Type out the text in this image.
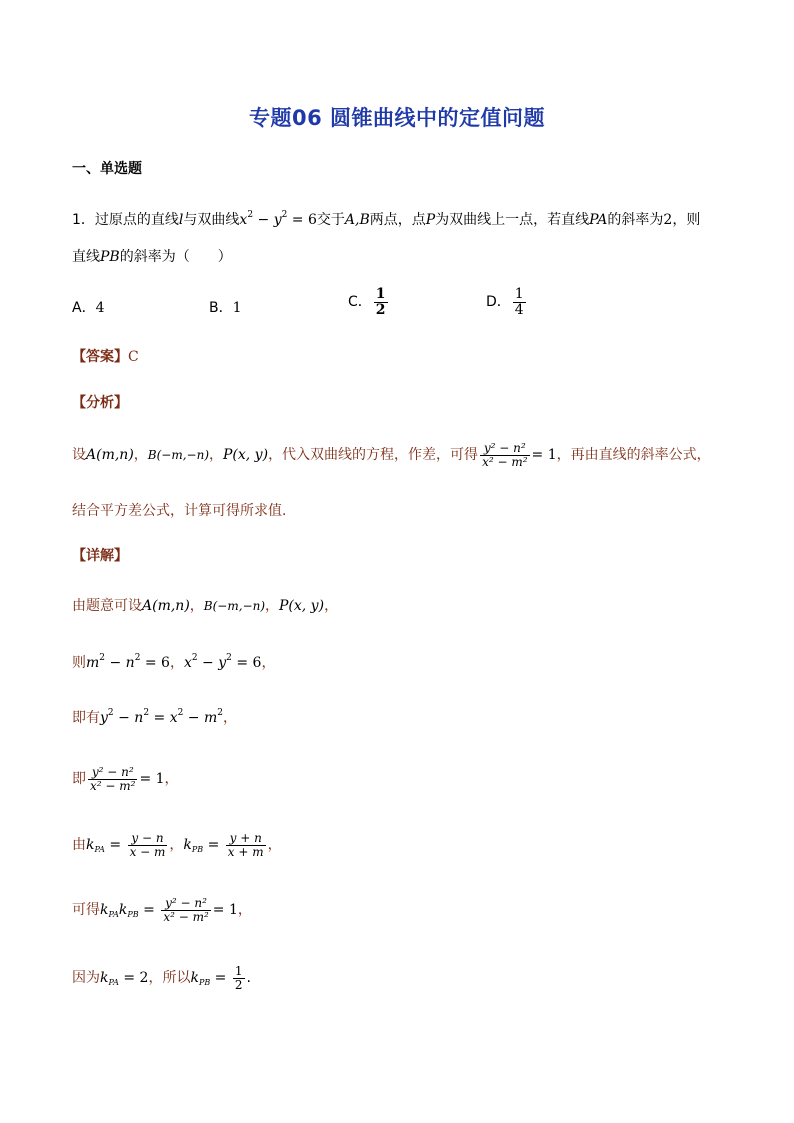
专题06 圆锥曲线中的定值问题
一、单选题
1．过原点的直线l与双曲线$x^2 - y^2 = 6$交于A,B两点，点P为双曲线上一点，若直线PA的斜率为2，则
直线PB的斜率为（　　）
A．4	B．1	C． $\frac{1}{2}$	D． $\frac{1}{4}$
【答案】C
【分析】
设A(m,n)，B(−m,−n)，P(x, y)，代入双曲线的方程，作差，可得 $\frac{\text{y² − n²}}{\text{x² − m²}} = 1$，再由直线的斜率公式，
结合平方差公式，计算可得所求值.
【详解】
由题意可设A(m,n)，B(−m,−n)，P(x, y)，
则$m^2 - n^2 = 6$，$x^2 - y^2 = 6$，
即有$y^2 - n^2 = x^2 - m^2$，
即 $\frac{\text{y² − n²}}{\text{x² − m²}} = 1$，
由$k_{PA} = \frac{y - n}{x - m}$ ，$k_{PB} = \frac{y + n}{x + m}$ ，
可得$k_{PA}k_{PB} = \frac{\text{y² − n²}}{\text{x² − m²}} = 1$，
因为$k_{PA} = 2$，所以$k_{PB} = \frac{1}{2}$ .
